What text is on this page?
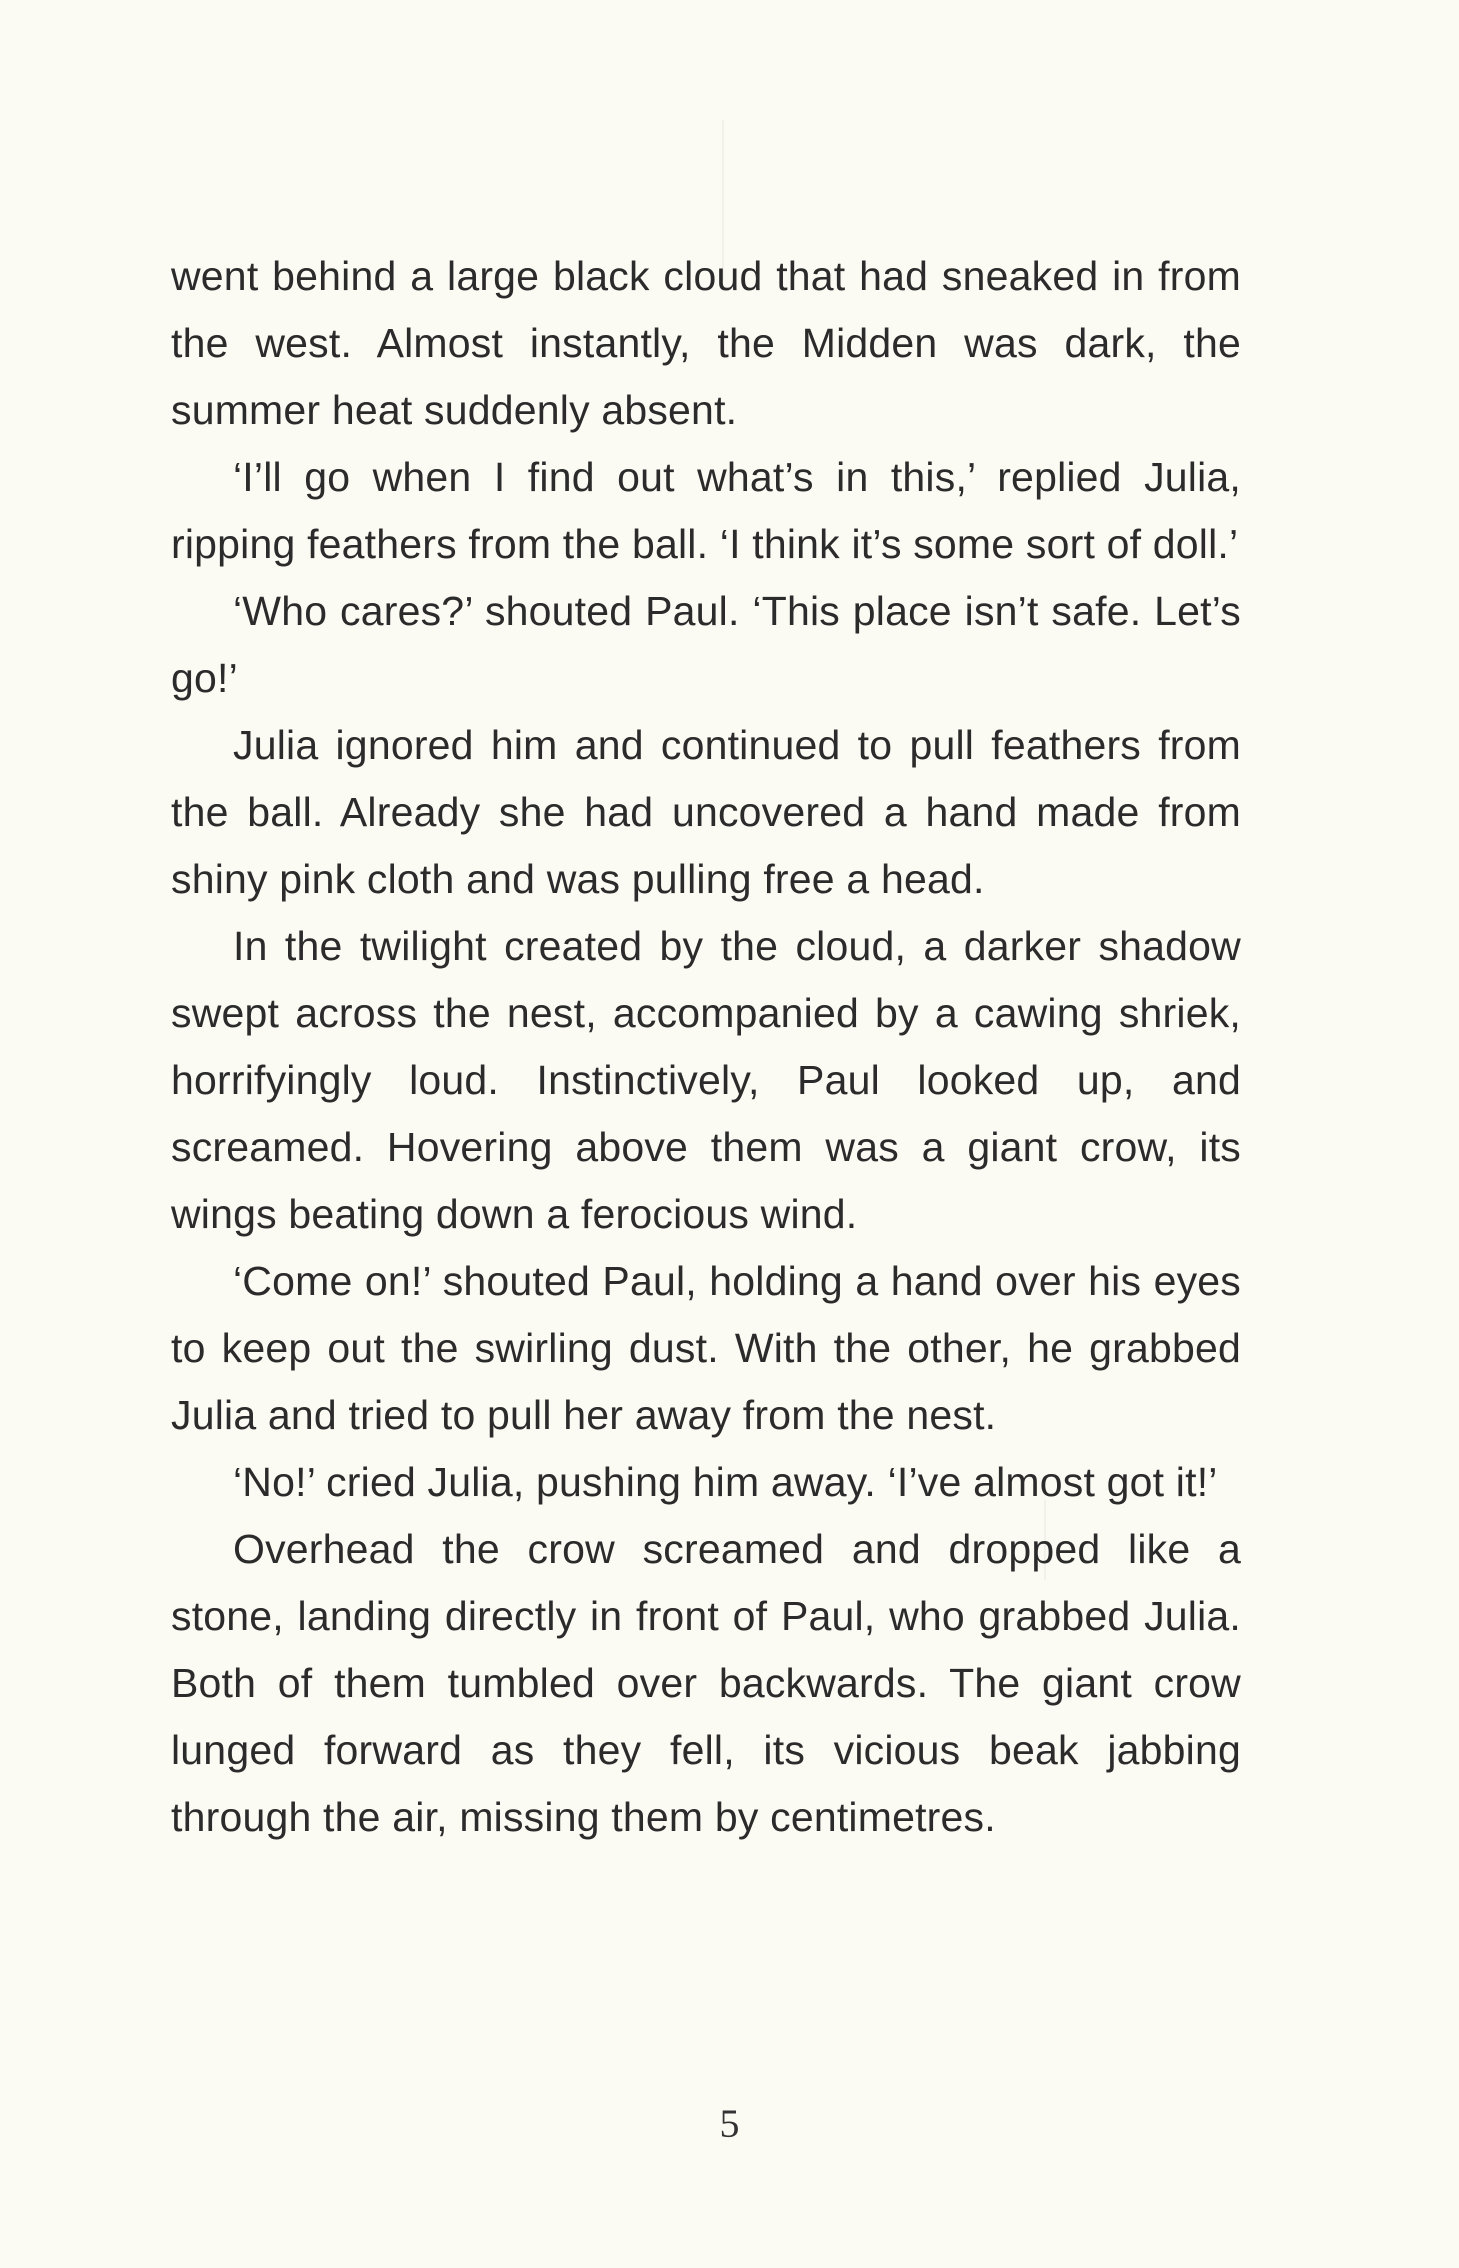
went behind a large black cloud that had sneaked in from the west. Almost instantly, the Midden was dark, the summer heat suddenly absent.

‘I’ll go when I find out what’s in this,’ replied Julia, ripping feathers from the ball. ‘I think it’s some sort of doll.’

‘Who cares?’ shouted Paul. ‘This place isn’t safe. Let’s go!’

Julia ignored him and continued to pull feathers from the ball. Already she had uncovered a hand made from shiny pink cloth and was pulling free a head.

In the twilight created by the cloud, a darker shadow swept across the nest, accompanied by a cawing shriek, horrifyingly loud. Instinctively, Paul looked up, and screamed. Hovering above them was a giant crow, its wings beating down a ferocious wind.

‘Come on!’ shouted Paul, holding a hand over his eyes to keep out the swirling dust. With the other, he grabbed Julia and tried to pull her away from the nest.

‘No!’ cried Julia, pushing him away. ‘I’ve almost got it!’

Overhead the crow screamed and dropped like a stone, landing directly in front of Paul, who grabbed Julia. Both of them tumbled over backwards. The giant crow lunged forward as they fell, its vicious beak jabbing through the air, missing them by centimetres.

5
